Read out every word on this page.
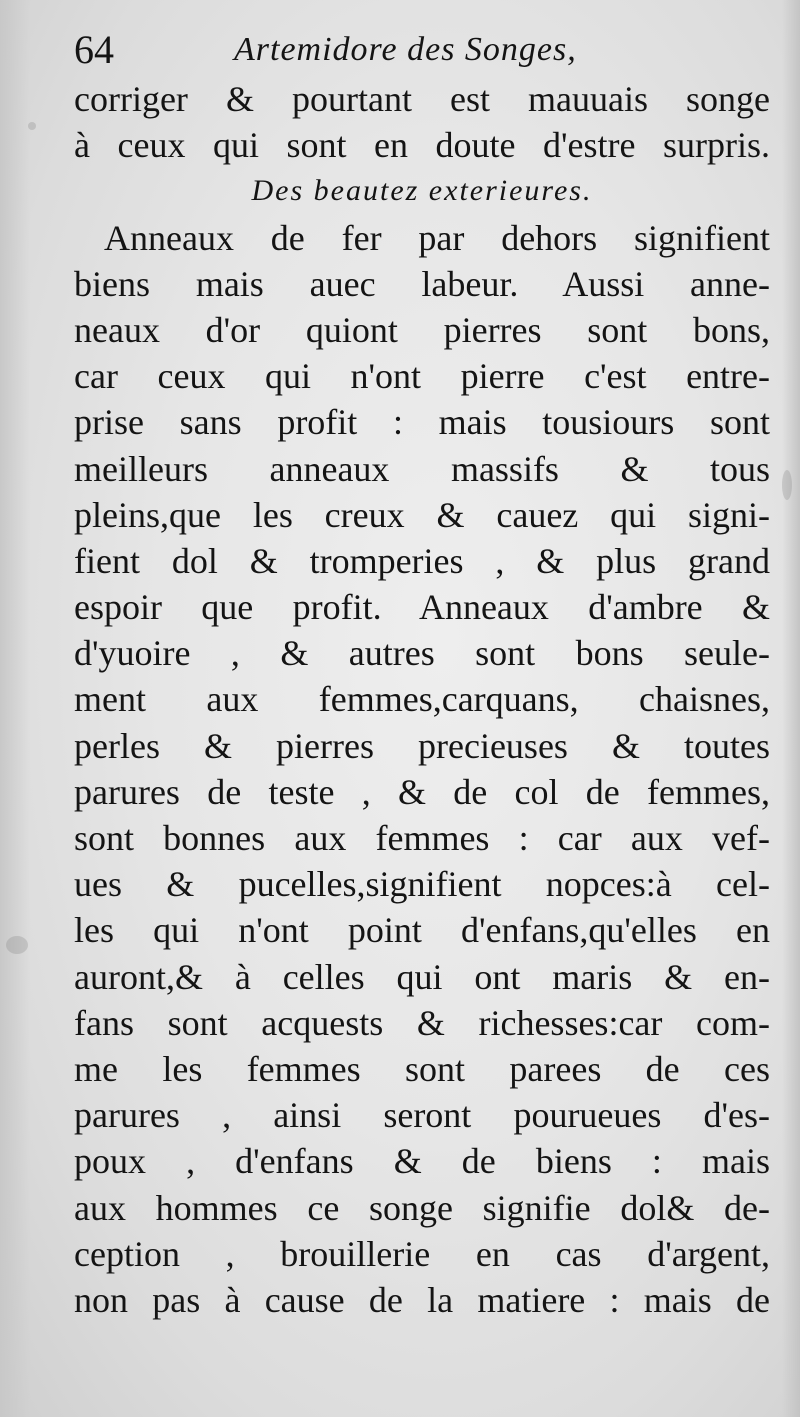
64	Artemidore des Songes,
corriger & pourtant est mauuais songe
à ceux qui sont en doute d'estre surpris.
Des beautez exterieures.
Anneaux de fer par dehors signifient
biens mais auec labeur. Aussi anne-
neaux d'or quiont pierres sont bons,
car ceux qui n'ont pierre c'est entre-
prise sans profit : mais tousiours sont
meilleurs anneaux massifs & tous
pleins,que les creux & cauez qui signi-
fient dol & tromperies , & plus grand
espoir que profit. Anneaux d'ambre &
d'yuoire , & autres sont bons seule-
ment aux femmes,carquans, chaisnes,
perles & pierres precieuses & toutes
parures de teste , & de col de femmes,
sont bonnes aux femmes : car aux vef-
ues & pucelles,signifient nopces:à cel-
les qui n'ont point d'enfans,qu'elles en
auront,& à celles qui ont maris & en-
fans sont acquests & richesses:car com-
me les femmes sont parees de ces
parures , ainsi seront pourueues d'es-
poux , d'enfans & de biens : mais
aux hommes ce songe signifie dol& de-
ception , brouillerie en cas d'argent,
non pas à cause de la matiere : mais de
